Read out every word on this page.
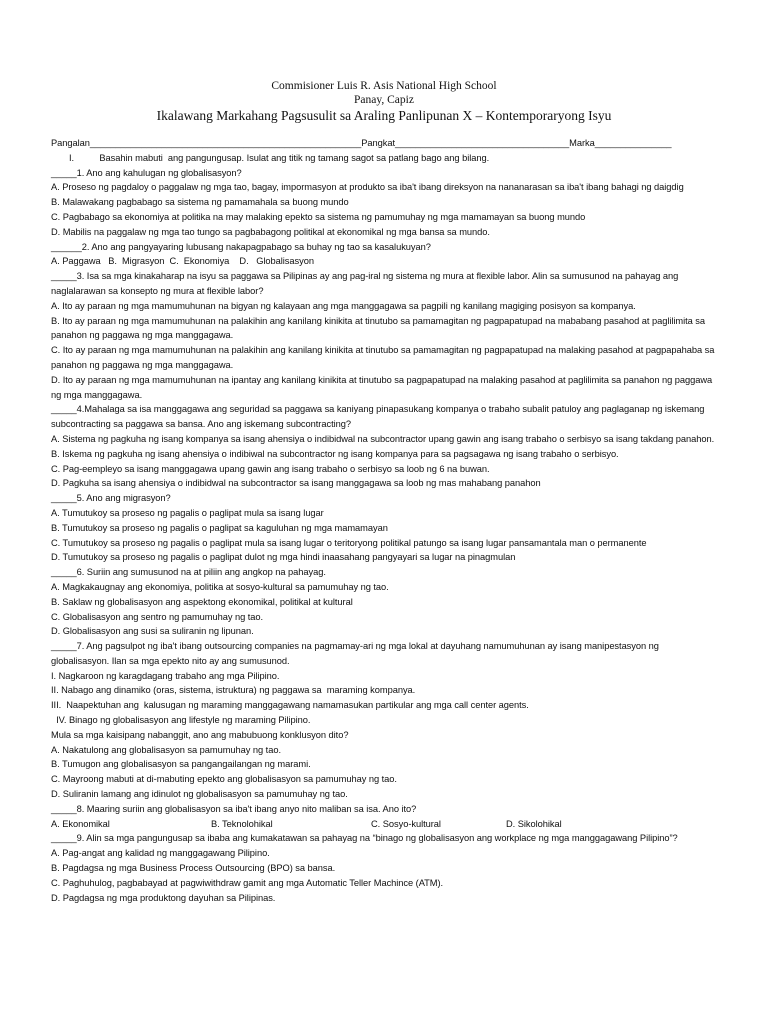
Commisioner Luis R. Asis National High School
Panay, Capiz
Ikalawang Markahang Pagsusulit sa Araling Panlipunan X – Kontemporaryong Isyu
Pangalan_____________________________________________________Pangkat__________________________________Marka_______________
I.          Basahin mabuti  ang pangungusap. Isulat ang titik ng tamang sagot sa patlang bago ang bilang.
_____1. Ano ang kahulugan ng globalisasyon?
A. Proseso ng pagdaloy o paggalaw ng mga tao, bagay, impormasyon at produkto sa iba't ibang direksyon na nananarasan sa iba't ibang bahagi ng daigdig
B. Malawakang pagbabago sa sistema ng pamamahala sa buong mundo
C. Pagbabago sa ekonomiya at politika na may malaking epekto sa sistema ng pamumuhay ng mga mamamayan sa buong mundo
D. Mabilis na paggalaw ng mga tao tungo sa pagbabagong politikal at ekonomikal ng mga bansa sa mundo.
______2. Ano ang pangyayaring lubusang nakapagpabago sa buhay ng tao sa kasalukuyan?
A. Paggawa   B.  Migrasyon  C.  Ekonomiya    D.   Globalisasyon
_____3. Isa sa mga kinakaharap na isyu sa paggawa sa Pilipinas ay ang pag-iral ng sistema ng mura at flexible labor. Alin sa sumusunod na pahayag ang naglalarawan sa konsepto ng mura at flexible labor?
A. Ito ay paraan ng mga mamumuhunan na bigyan ng kalayaan ang mga manggagawa sa pagpili ng kanilang magiging posisyon sa kompanya.
B. Ito ay paraan ng mga mamumuhunan na palakihin ang kanilang kinikita at tinutubo sa pamamagitan ng pagpapatupad na mababang pasahod at paglilimita sa panahon ng paggawa ng mga manggagawa.
C. Ito ay paraan ng mga mamumuhunan na palakihin ang kanilang kinikita at tinutubo sa pamamagitan ng pagpapatupad na malaking pasahod at pagpapahaba sa panahon ng paggawa ng mga manggagawa.
D. Ito ay paraan ng mga mamumuhunan na ipantay ang kanilang kinikita at tinutubo sa pagpapatupad na malaking pasahod at paglilimita sa panahon ng paggawa ng mga manggagawa.
_____4.Mahalaga sa isa manggagawa ang seguridad sa paggawa sa kaniyang pinapasukang kompanya o trabaho subalit patuloy ang paglaganap ng iskemang subcontracting sa paggawa sa bansa. Ano ang iskemang subcontracting?
A. Sistema ng pagkuha ng isang kompanya sa isang ahensiya o indibidwal na subcontractor upang gawin ang isang trabaho o serbisyo sa isang takdang panahon.
B. Iskema ng pagkuha ng isang ahensiya o indibiwal na subcontractor ng isang kompanya para sa pagsagawa ng isang trabaho o serbisyo.
C. Pag-eempleyo sa isang manggagawa upang gawin ang isang trabaho o serbisyo sa loob ng 6 na buwan.
D. Pagkuha sa isang ahensiya o indibidwal na subcontractor sa isang manggagawa sa loob ng mas mahabang panahon
_____5. Ano ang migrasyon?
A. Tumutukoy sa proseso ng pagalis o paglipat mula sa isang lugar
B. Tumutukoy sa proseso ng pagalis o paglipat sa kaguluhan ng mga mamamayan
C. Tumutukoy sa proseso ng pagalis o paglipat mula sa isang lugar o teritoryong politikal patungo sa isang lugar pansamantala man o permanente
D. Tumutukoy sa proseso ng pagalis o paglipat dulot ng mga hindi inaasahang pangyayari sa lugar na pinagmulan
_____6. Suriin ang sumusunod na at piliin ang angkop na pahayag.
A. Magkakaugnay ang ekonomiya, politika at sosyo-kultural sa pamumuhay ng tao.
B. Saklaw ng globalisasyon ang aspektong ekonomikal, politikal at kultural
C. Globalisasyon ang sentro ng pamumuhay ng tao.
D. Globalisasyon ang susi sa suliranin ng lipunan.
_____7. Ang pagsulpot ng iba't ibang outsourcing companies na pagmamay-ari ng mga lokal at dayuhang namumuhunan ay isang manipestasyon ng globalisasyon. Ilan sa mga epekto nito ay ang sumusunod.
I. Nagkaroon ng karagdagang trabaho ang mga Pilipino.
II. Nabago ang dinamiko (oras, sistema, istruktura) ng paggawa sa  maraming kompanya.
III.  Naapektuhan ang  kalusugan ng maraming manggagawang namamasukan partikular ang mga call center agents.
IV. Binago ng globalisasyon ang lifestyle ng maraming Pilipino.
Mula sa mga kaisipang nabanggit, ano ang mabubuong konklusyon dito?
A. Nakatulong ang globalisasyon sa pamumuhay ng tao.
B. Tumugon ang globalisasyon sa pangangailangan ng marami.
C. Mayroong mabuti at di-mabuting epekto ang globalisasyon sa pamumuhay ng tao.
D. Suliranin lamang ang idinulot ng globalisasyon sa pamumuhay ng tao.
_____8. Maaring suriin ang globalisasyon sa iba't ibang anyo nito maliban sa isa. Ano ito?
A. Ekonomikal	B. Teknolohikal	C. Sosyo-kultural	D. Sikolohikal
_____9. Alin sa mga pangungusap sa ibaba ang kumakatawan sa pahayag na “binago ng globalisasyon ang workplace ng mga manggagawang Pilipino”?
A. Pag-angat ang kalidad ng manggagawang Pilipino.
B. Pagdagsa ng mga Business Process Outsourcing (BPO) sa bansa.
C. Paghuhulog, pagbabayad at pagwiwithdraw gamit ang mga Automatic Teller Machince (ATM).
D. Pagdagsa ng mga produktong dayuhan sa Pilipinas.
